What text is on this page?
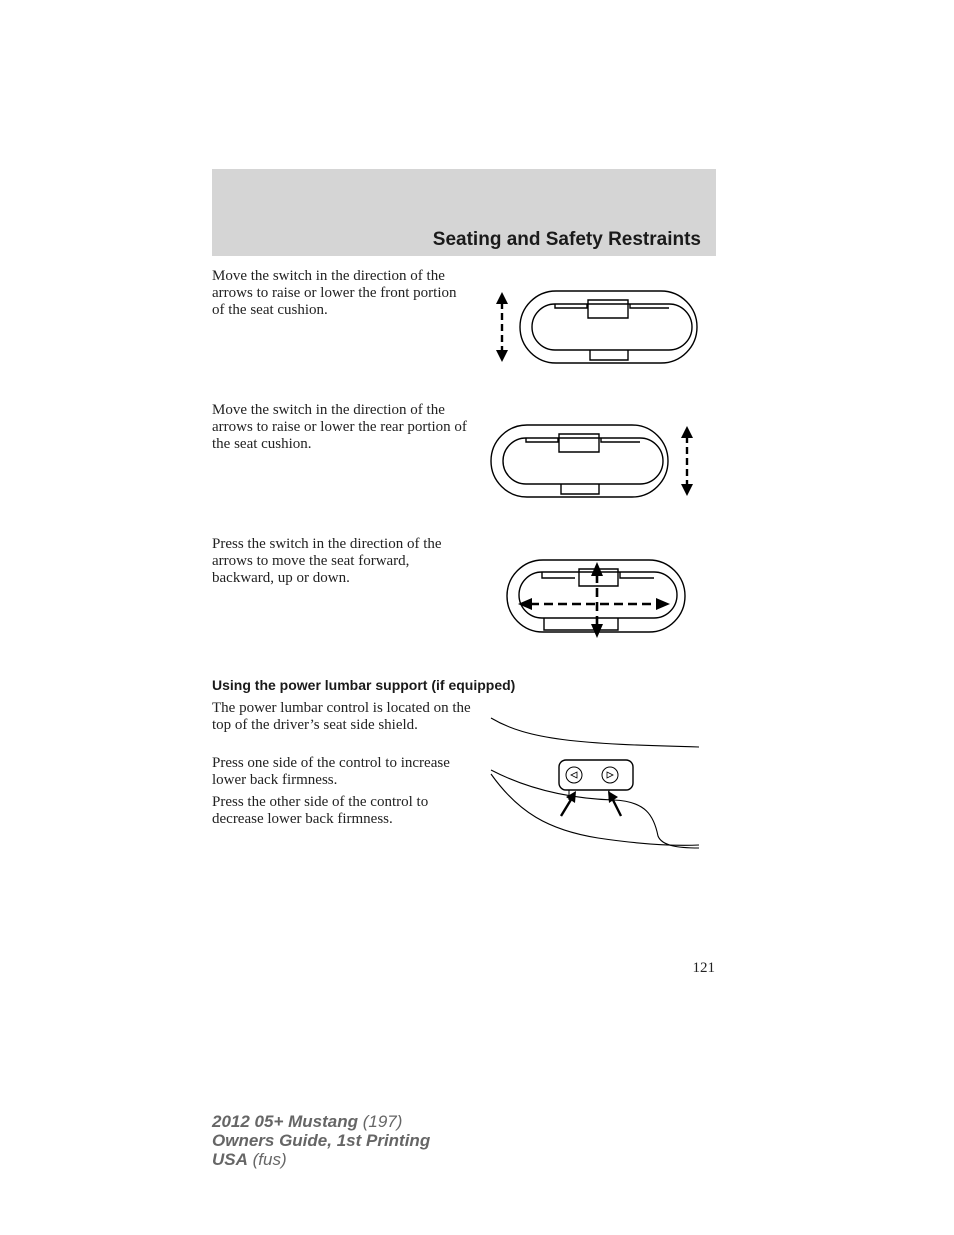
Seating and Safety Restraints

Move the switch in the direction of the arrows to raise or lower the front portion of the seat cushion.

Move the switch in the direction of the arrows to raise or lower the rear portion of the seat cushion.

Press the switch in the direction of the arrows to move the seat forward, backward, up or down.

Using the power lumbar support (if equipped)

The power lumbar control is located on the top of the driver’s seat side shield.

Press one side of the control to increase lower back firmness.

Press the other side of the control to decrease lower back firmness.

121
2012 05+ Mustang (197)
Owners Guide, 1st Printing
USA (fus)
